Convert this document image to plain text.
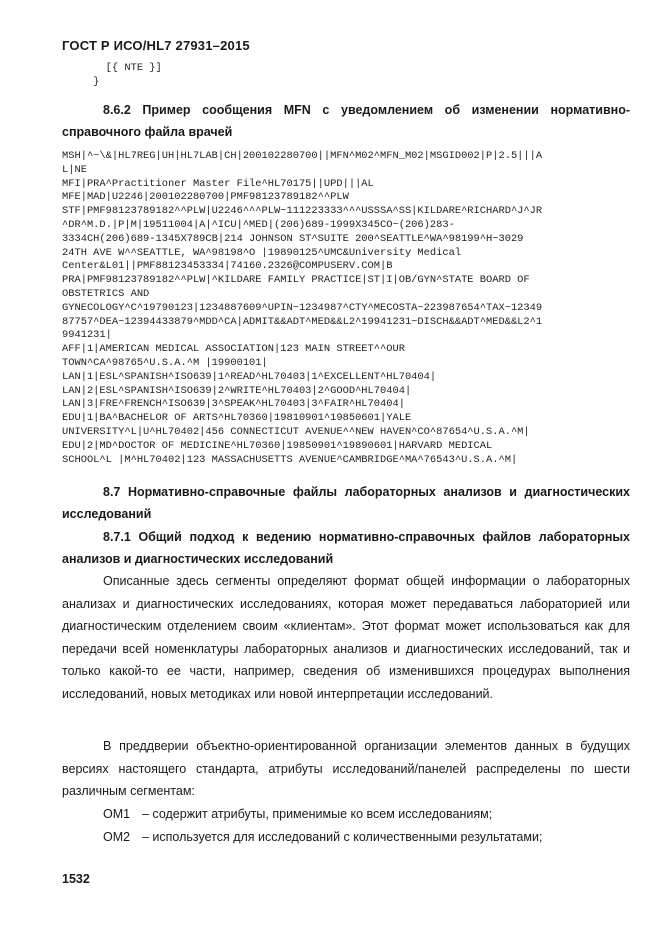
ГОСТ Р ИСО/HL7 27931–2015
[{ NTE }]
}
8.6.2 Пример сообщения MFN с уведомлением об изменении нормативно-справочного файла врачей
MSH|^~\&|HL7REG|UH|HL7LAB|CH|200102280700||MFN^M02^MFN_M02|MSGID002|P|2.5|||A
L|NE
MFI|PRA^Practitioner Master File^HL70175||UPD|||AL
MFE|MAD|U2246|200102280700|PMF98123789182^^PLW
STF|PMF98123789182^^PLW|U2246^^^PLW~111223333^^^USSSA^SS|KILDARE^RICHARD^J^JR
^DR^M.D.|P|M|19511004|A|^ICU|^MED|(206)689-1999X345CO~(206)283-
3334CH(206)689-1345X789CB|214 JOHNSON ST^SUITE 200^SEATTLE^WA^98199^H~3029
24TH AVE W^^SEATTLE, WA^98198^O |19890125^UMC&University Medical
Center&L01||PMF88123453334|74160.2326@COMPUSERV.COM|B
PRA|PMF98123789182^^PLW|^KILDARE FAMILY PRACTICE|ST|I|OB/GYN^STATE BOARD OF
OBSTETRICS AND
GYNECOLOGY^C^19790123|1234887609^UPIN~1234987^CTY^MECOSTA~223987654^TAX~12349
87757^DEA~12394433879^MDD^CA|ADMIT&&ADT^MED&&L2^19941231~DISCH&&ADT^MED&&L2^1
9941231|
AFF|1|AMERICAN MEDICAL ASSOCIATION|123 MAIN STREET^^OUR
TOWN^CA^98765^U.S.A.^M |19900101|
LAN|1|ESL^SPANISH^ISO639|1^READ^HL70403|1^EXCELLENT^HL70404|
LAN|2|ESL^SPANISH^ISO639|2^WRITE^HL70403|2^GOOD^HL70404|
LAN|3|FRE^FRENCH^ISO639|3^SPEAK^HL70403|3^FAIR^HL70404|
EDU|1|BA^BACHELOR OF ARTS^HL70360|19810901^19850601|YALE
UNIVERSITY^L|U^HL70402|456 CONNECTICUT AVENUE^^NEW HAVEN^CO^87654^U.S.A.^M|
EDU|2|MD^DOCTOR OF MEDICINE^HL70360|19850901^19890601|HARVARD MEDICAL
SCHOOL^L |M^HL70402|123 MASSACHUSETTS AVENUE^CAMBRIDGE^MA^76543^U.S.A.^M|
8.7 Нормативно-справочные файлы лабораторных анализов и диагностических исследований
8.7.1 Общий подход к ведению нормативно-справочных файлов лабораторных анализов и диагностических исследований

Описанные здесь сегменты определяют формат общей информации о лабораторных анализах и диагностических исследованиях, которая может передаваться лабораторией или диагностическим отделением своим «клиентам». Этот формат может использоваться как для передачи всей номенклатуры лабораторных анализов и диагностических исследований, так и только какой-то ее части, например, сведения об изменившихся процедурах выполнения исследований, новых методиках или новой интерпретации исследований.

В преддверии объектно-ориентированной организации элементов данных в будущих версиях настоящего стандарта, атрибуты исследований/панелей распределены по шести различным сегментам:

OM1 – содержит атрибуты, применимые ко всем исследованиям;
OM2 – используется для исследований с количественными результатами;
1532
